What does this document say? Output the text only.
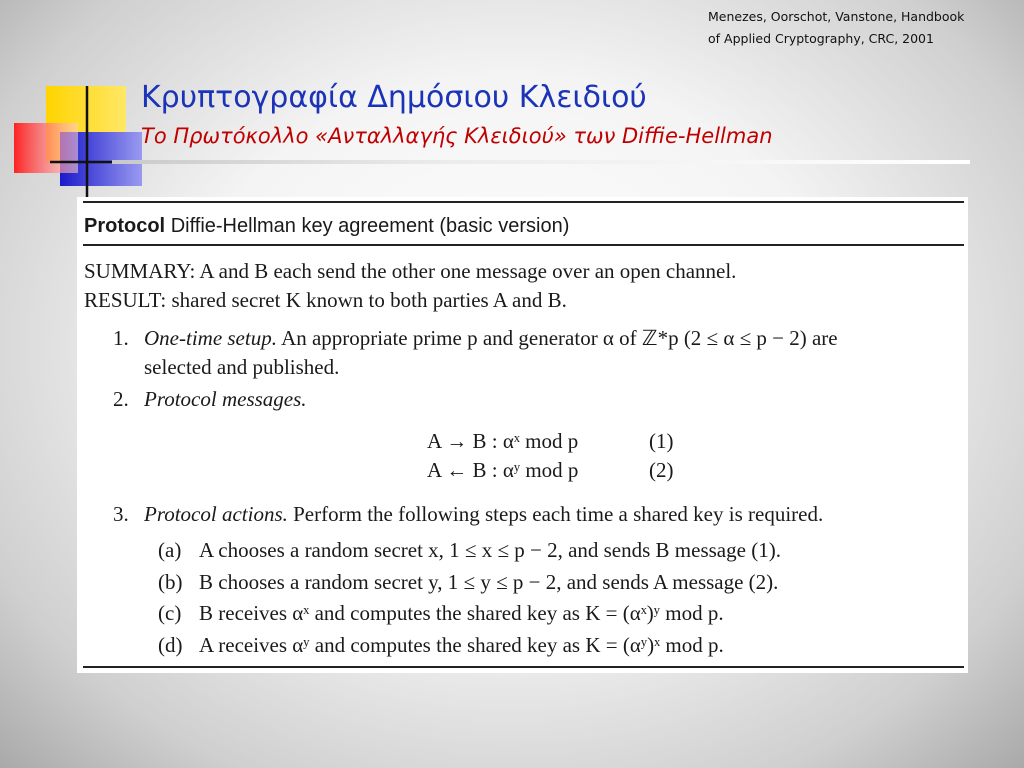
Menezes, Oorschot, Vanstone, Handbook
of Applied Cryptography, CRC, 2001
Κρυπτογραφία Δημόσιου Κλειδιού
Το Πρωτόκολλο «Ανταλλαγής Κλειδιού» των Diffie-Hellman
Protocol Diffie-Hellman key agreement (basic version)
SUMMARY: A and B each send the other one message over an open channel.
RESULT: shared secret K known to both parties A and B.
1. One-time setup. An appropriate prime p and generator α of ℤ*p (2 ≤ α ≤ p − 2) are
selected and published.
2. Protocol messages.
A → B : αˣ mod p	(1)
A ← B : αʸ mod p	(2)
3. Protocol actions. Perform the following steps each time a shared key is required.
(a) A chooses a random secret x, 1 ≤ x ≤ p − 2, and sends B message (1).
(b) B chooses a random secret y, 1 ≤ y ≤ p − 2, and sends A message (2).
(c) B receives αˣ and computes the shared key as K = (αˣ)ʸ mod p.
(d) A receives αʸ and computes the shared key as K = (αʸ)ˣ mod p.
